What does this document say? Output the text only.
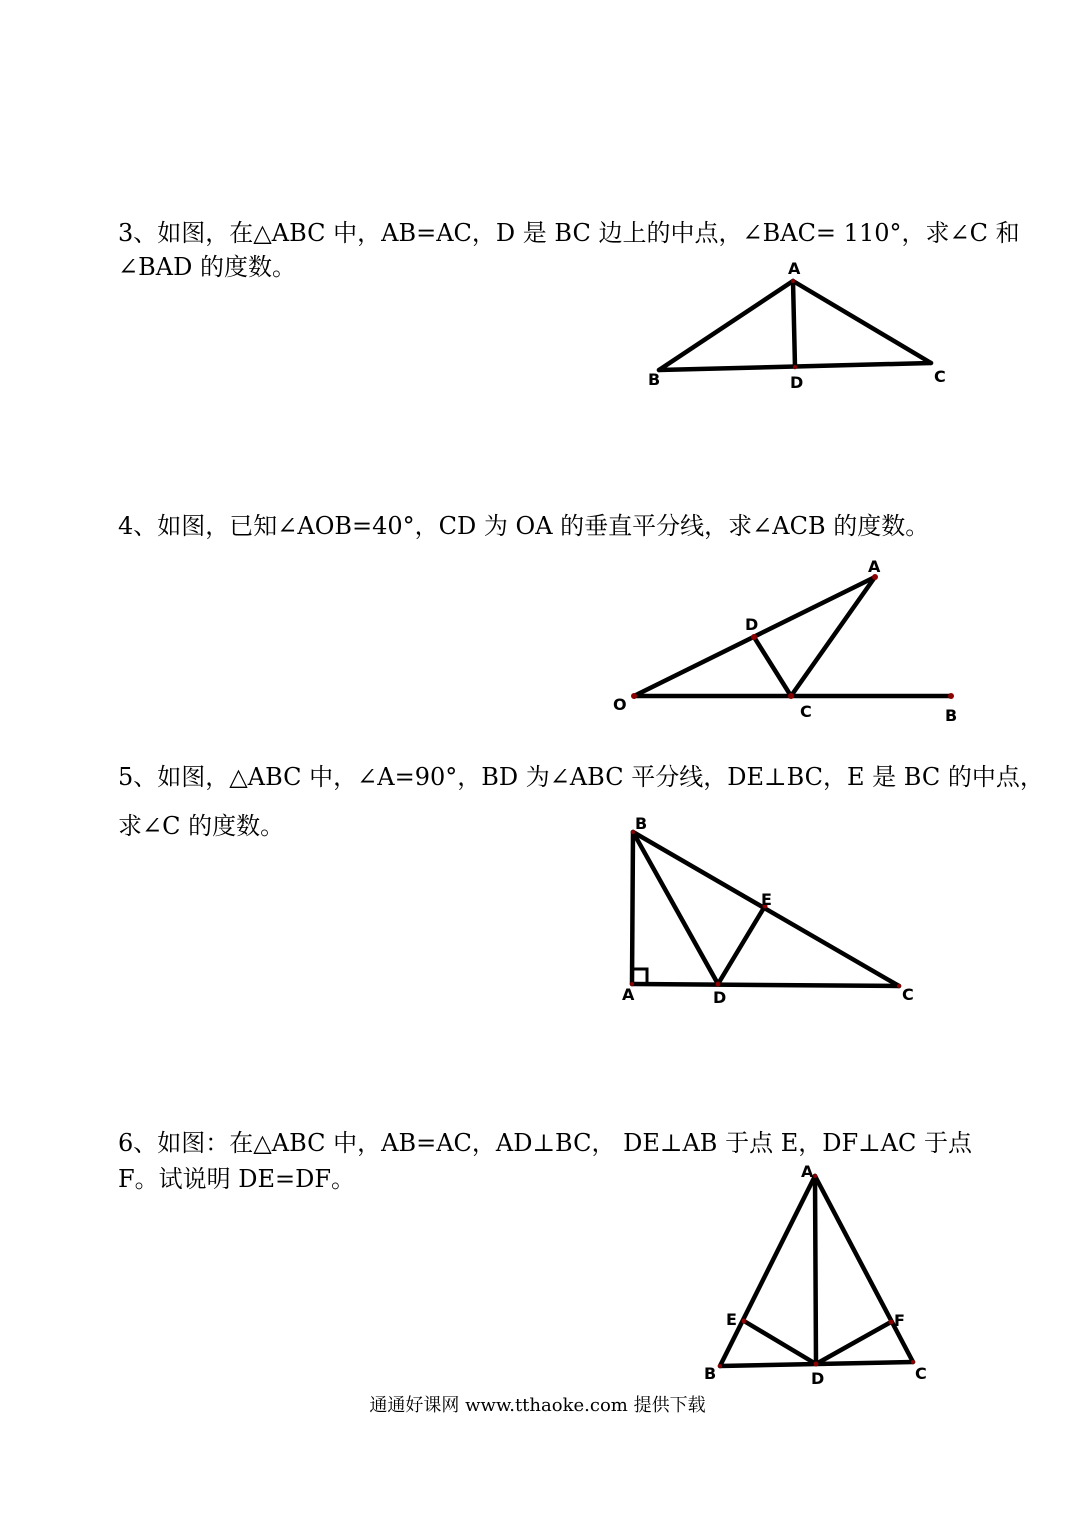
3、如图，在△ABC 中，AB=AC，D 是 BC 边上的中点，∠BAC= 110°，求∠C 和
∠BAD 的度数。	A
B	D	C
4、如图，已知∠AOB=40°，CD 为 OA 的垂直平分线，求∠ACB 的度数。
A
D
O	C	B
5、如图，△ABC 中，∠A=90°，BD 为∠ABC 平分线，DE⊥BC，E 是 BC 的中点，
求∠C 的度数。	B
E
A	D	C
6、如图：在△ABC 中，AB=AC，AD⊥BC， DE⊥AB 于点 E，DF⊥AC 于点
F。试说明 DE=DF。	A
E	F
B	D	C
通通好课网 www.tthaoke.com 提供下载
